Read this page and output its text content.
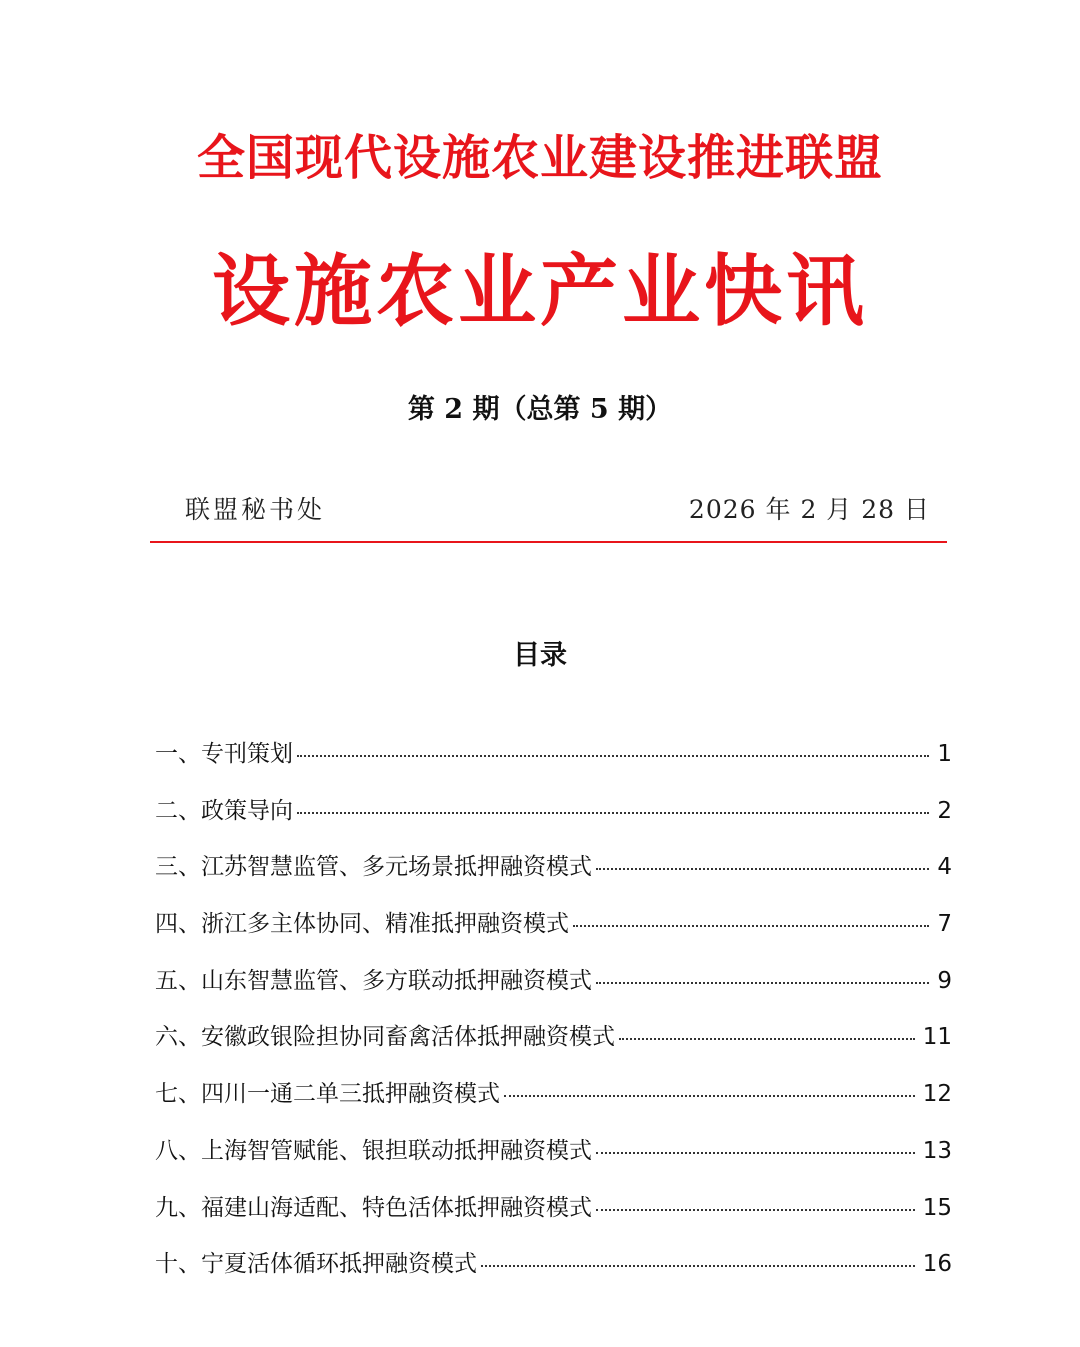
全国现代设施农业建设推进联盟
设施农业产业快讯
第 2 期（总第 5 期）
联盟秘书处	2026 年 2 月 28 日
目录
一、专刊策划	1
二、政策导向	2
三、江苏智慧监管、多元场景抵押融资模式	4
四、浙江多主体协同、精准抵押融资模式	7
五、山东智慧监管、多方联动抵押融资模式	9
六、安徽政银险担协同畜禽活体抵押融资模式	11
七、四川一通二单三抵押融资模式	12
八、上海智管赋能、银担联动抵押融资模式	13
九、福建山海适配、特色活体抵押融资模式	15
十、宁夏活体循环抵押融资模式	16
